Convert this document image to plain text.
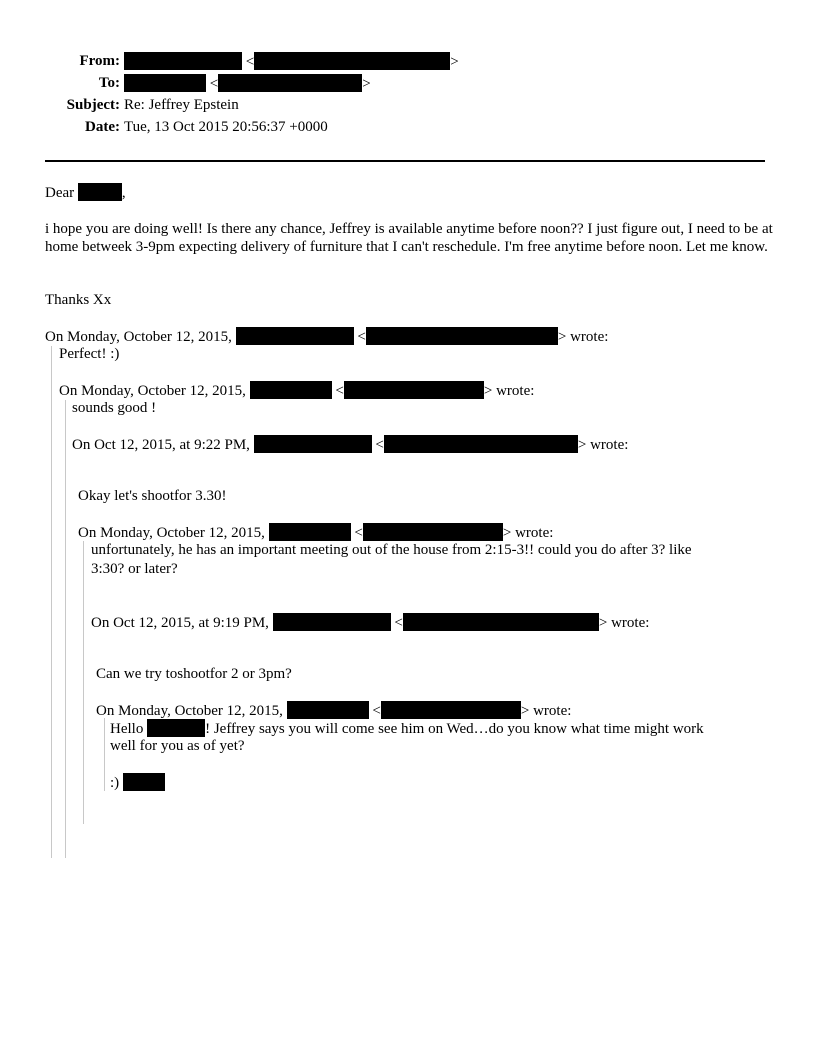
From:	<	>
To:	<	>
Subject: Re: Jeffrey Epstein
Date: Tue, 13 Oct 2015 20:56:37 +0000
Dear	,
i hope you are doing well! Is there any chance, Jeffrey is available anytime before noon?? I just figure out, I need to be at home betweek 3-9pm expecting delivery of furniture that I can't reschedule. I'm free anytime before noon. Let me know.
Thanks Xx
On Monday, October 12, 2015,	<	> wrote:
Perfect! :)
On Monday, October 12, 2015,	<	> wrote:
sounds good !
On Oct 12, 2015, at 9:22 PM,	<	> wrote:
Okay let's shootfor 3.30!
On Monday, October 12, 2015,	<	> wrote:
unfortunately, he has an important meeting out of the house from 2:15-3!! could you do after 3? like
3:30? or later?
On Oct 12, 2015, at 9:19 PM,	<	> wrote:
Can we try toshootfor 2 or 3pm?
On Monday, October 12, 2015,	<	> wrote:
Hello	! Jeffrey says you will come see him on Wed…do you know what time might work
well for you as of yet?
:)
